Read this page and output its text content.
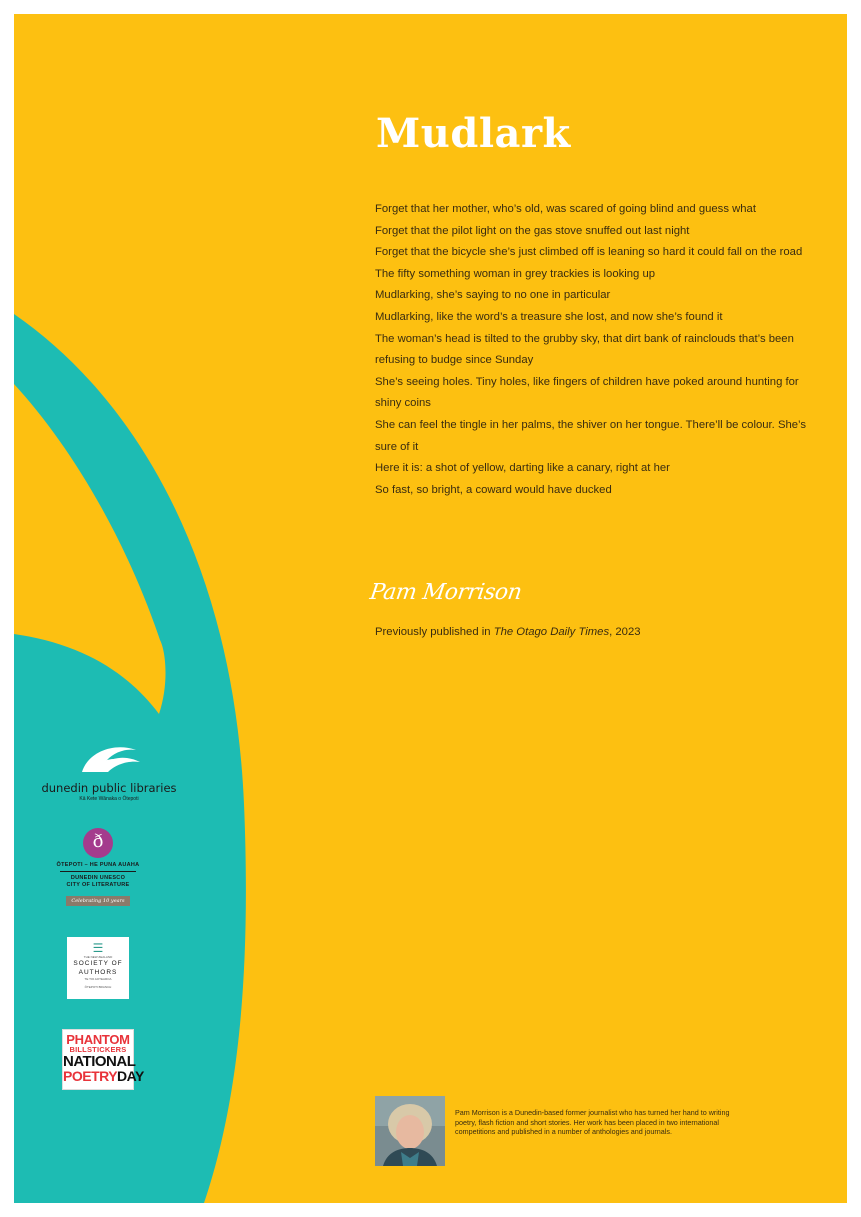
Mudlark
Forget that her mother, who’s old, was scared of going blind and guess what
Forget that the pilot light on the gas stove snuffed out last night
Forget that the bicycle she’s just climbed off is leaning so hard it could fall on the road
The fifty something woman in grey trackies is looking up
Mudlarking, she’s saying to no one in particular
Mudlarking, like the word’s a treasure she lost, and now she’s found it
The woman’s head is tilted to the grubby sky, that dirt bank of rainclouds that’s been refusing to budge since Sunday
She’s seeing holes. Tiny holes, like fingers of children have poked around hunting for shiny coins
She can feel the tingle in her palms, the shiver on her tongue. There’ll be colour. She’s sure of it
Here it is: a shot of yellow, darting like a canary, right at her
So fast, so bright, a coward would have ducked
Pam Morrison
Previously published in The Otago Daily Times, 2023
dunedin public libraries
Kā Kete Wānaka o Ōtepoti
ð
ŌTEPOTI – HE PUNA AUAHA
DUNEDIN UNESCO
CITY OF LITERATURE
Celebrating 10 years
☰
THE NEW ZEALAND
SOCIETY OF
AUTHORS
TE TOI AOTEAROA
ŌTEPOTI BRANCH
PHANTOM
BILLSTICKERS
NATIONAL
POETRYDAY

Pam Morrison is a Dunedin-based former journalist who has turned her hand to writing poetry, flash fiction and short stories. Her work has been placed in two international competitions and published in a number of anthologies and journals.
